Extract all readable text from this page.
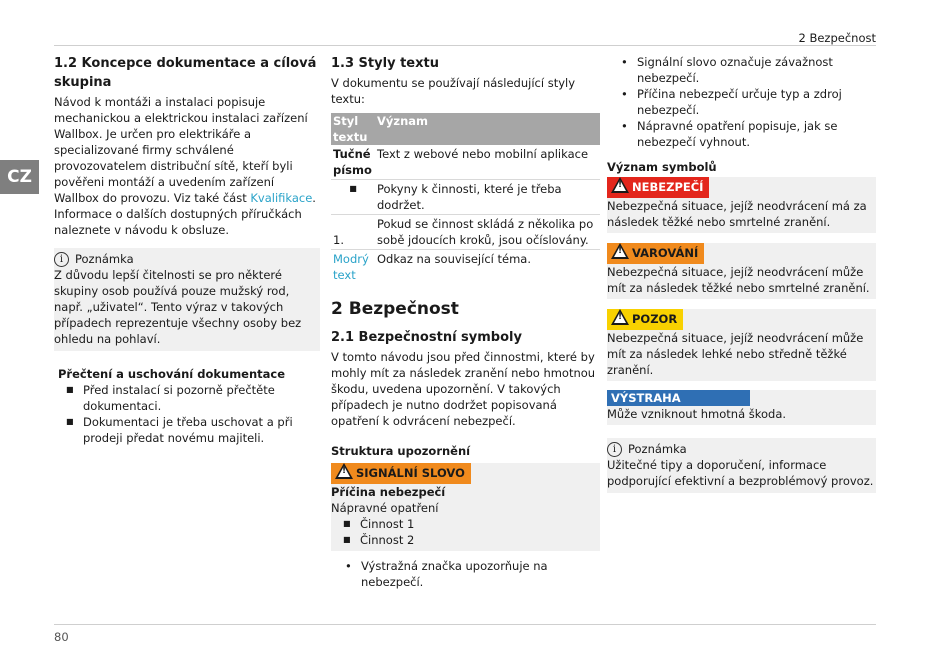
2 Bezpečnost
CZ
1.2 Koncepce dokumentace a cílová skupina

Návod k montáži a instalaci popisuje mechanickou a elektrickou instalaci zařízení Wallbox. Je určen pro elektrikáře a specializované firmy schválené provozovatelem distribuční sítě, kteří byli pověřeni montáží a uvedením zařízení Wallbox do provozu. Viz také část Kvalifikace.

Informace o dalších dostupných příručkách naleznete v návodu k obsluze.

i	Poznámka

Z důvodu lepší čitelnosti se pro některé skupiny osob používá pouze mužský rod, např. „uživatel“. Tento výraz v takových případech reprezentuje všechny osoby bez ohledu na pohlaví.

Přečtení a uschování dokumentace
■ Před instalací si pozorně přečtěte dokumentaci.
■ Dokumentaci je třeba uschovat a při prodeji předat novému majiteli.
1.3 Styly textu

V dokumentu se používají následující styly textu:

Styl textu	Význam
Tučné písmo	Text z webové nebo mobilní aplikace
■	Pokyny k činnosti, které je třeba dodržet.
1.	Pokud se činnost skládá z několika po sobě jdoucích kroků, jsou očíslovány.
Modrý text	Odkaz na související téma.
2 Bezpečnost
2.1 Bezpečnostní symboly

V tomto návodu jsou před činnostmi, které by mohly mít za následek zranění nebo hmotnou škodu, uvedena upozornění. V takových případech je nutno dodržet popisovaná opatření k odvrácení nebezpečí.

Struktura upozornění
! SIGNÁLNÍ SLOVO
Příčina nebezpečí
Nápravné opatření
■ Činnost 1
■ Činnost 2
• Výstražná značka upozorňuje na nebezpečí.
• Signální slovo označuje závažnost nebezpečí.
• Příčina nebezpečí určuje typ a zdroj nebezpečí.
• Nápravné opatření popisuje, jak se nebezpečí vyhnout.
Význam symbolů
! NEBEZPEČÍ
Nebezpečná situace, jejíž neodvrácení má za následek těžké nebo smrtelné zranění.
! VAROVÁNÍ
Nebezpečná situace, jejíž neodvrácení může mít za následek těžké nebo smrtelné zranění.
! POZOR
Nebezpečná situace, jejíž neodvrácení může mít za následek lehké nebo středně těžké zranění.
VÝSTRAHA
Může vzniknout hmotná škoda.
i	Poznámka

Užitečné tipy a doporučení, informace podporující efektivní a bezproblémový provoz.

80
